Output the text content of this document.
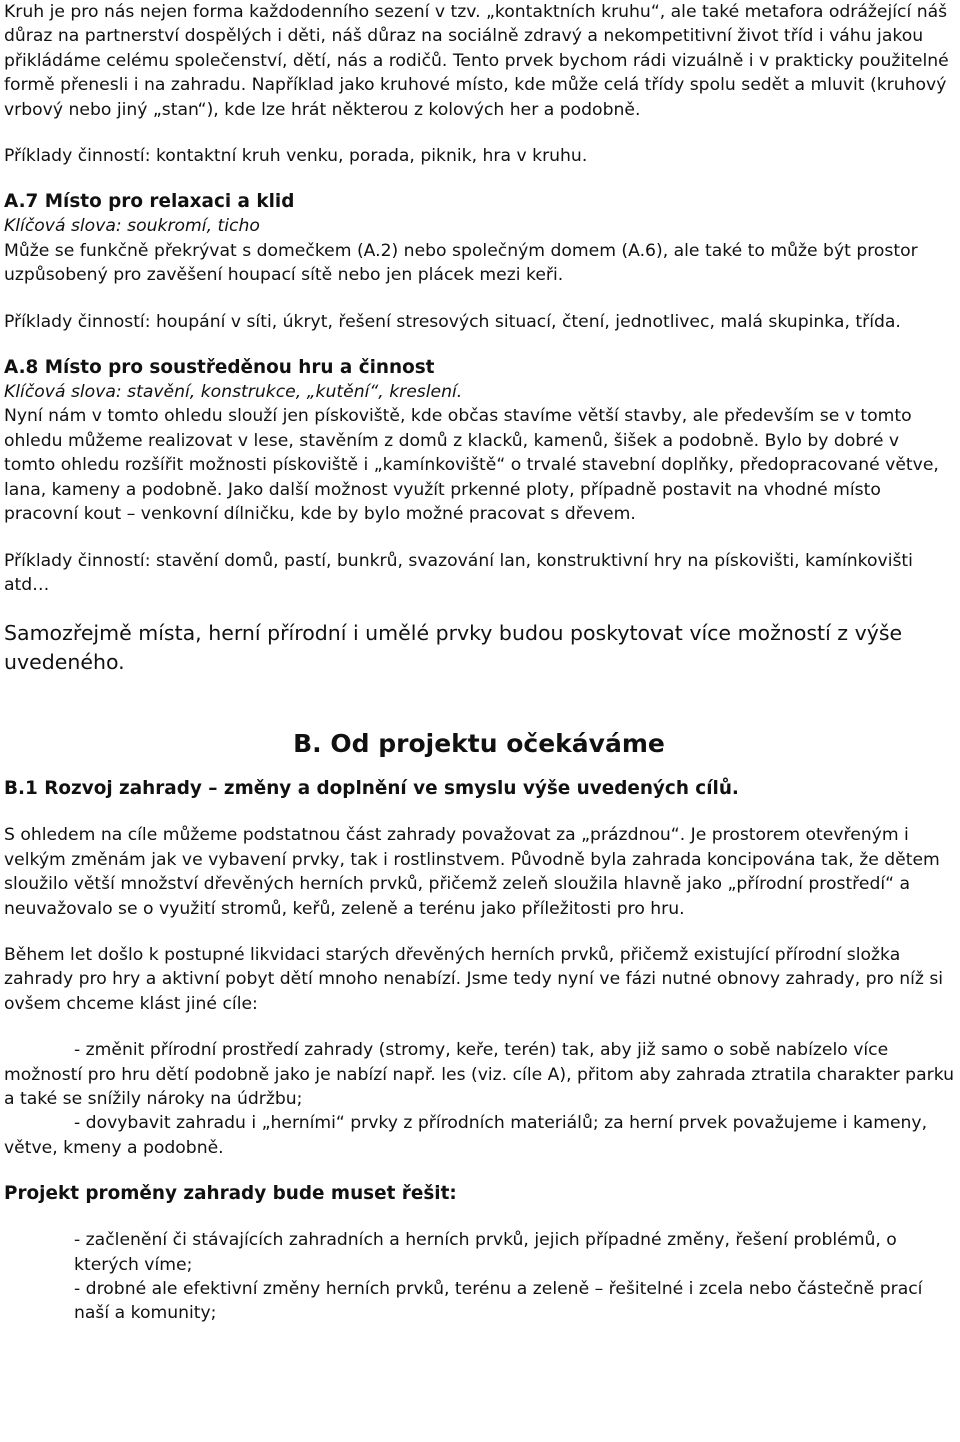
Kruh je pro nás nejen forma každodenního sezení v tzv. „kontaktních kruhu“, ale také metafora odrážející náš důraz na partnerství dospělých i děti, náš důraz na sociálně zdravý a nekompetitivní život tříd i váhu jakou přikládáme celému společenství, dětí, nás a rodičů. Tento prvek bychom rádi vizuálně i v prakticky použitelné formě přenesli i na zahradu. Například jako kruhové místo, kde může celá třídy spolu sedět a mluvit (kruhový vrbový nebo jiný „stan“), kde lze hrát některou z kolových her a podobně.

Příklady činností: kontaktní kruh venku, porada, piknik, hra v kruhu.

A.7 Místo pro relaxaci a klid

Klíčová slova: soukromí, ticho

Může se funkčně překrývat s domečkem (A.2) nebo společným domem (A.6), ale také to může být prostor uzpůsobený pro zavěšení houpací sítě nebo jen plácek mezi keři.

Příklady činností: houpání v síti, úkryt, řešení stresových situací, čtení, jednotlivec, malá skupinka, třída.

A.8 Místo pro soustředěnou hru a činnost

Klíčová slova: stavění, konstrukce, „kutění“, kreslení.

Nyní nám v tomto ohledu slouží jen pískoviště, kde občas stavíme větší stavby, ale především se v tomto ohledu můžeme realizovat v lese, stavěním z domů z klacků, kamenů, šišek a podobně. Bylo by dobré v tomto ohledu rozšířit možnosti pískoviště i „kamínkoviště“ o trvalé stavební doplňky, předopracované větve, lana, kameny a podobně. Jako další možnost využít prkenné ploty, případně postavit na vhodné místo pracovní kout – venkovní dílničku, kde by bylo možné pracovat s dřevem.

Příklady činností: stavění domů, pastí, bunkrů, svazování lan, konstruktivní hry na pískovišti, kamínkovišti atd…

Samozřejmě místa, herní přírodní i umělé prvky budou poskytovat více možností z výše uvedeného.

B. Od projektu očekáváme

B.1 Rozvoj zahrady – změny a doplnění ve smyslu výše uvedených cílů.

S ohledem na cíle můžeme podstatnou část zahrady považovat za „prázdnou“. Je prostorem otevřeným i velkým změnám jak ve vybavení prvky, tak i rostlinstvem. Původně byla zahrada koncipována tak, že dětem sloužilo větší množství dřevěných herních prvků, přičemž zeleň sloužila hlavně jako „přírodní prostředí“ a neuvažovalo se o využití stromů, keřů, zeleně a terénu jako příležitosti pro hru.

Během let došlo k postupné likvidaci starých dřevěných herních prvků, přičemž existující přírodní složka zahrady pro hry a aktivní pobyt dětí mnoho nenabízí. Jsme tedy nyní ve fázi nutné obnovy zahrady, pro níž si ovšem chceme klást jiné cíle:

- změnit přírodní prostředí zahrady (stromy, keře, terén) tak, aby již samo o sobě nabízelo více možností pro hru dětí podobně jako je nabízí např. les (viz. cíle A), přitom aby zahrada ztratila charakter parku a také se snížily nároky na údržbu;

- dovybavit zahradu i „herními“ prvky z přírodních materiálů; za herní prvek považujeme i kameny, větve, kmeny a podobně.

Projekt proměny zahrady bude muset řešit:

- začlenění či stávajících zahradních a herních prvků, jejich případné změny, řešení problémů, o kterých víme;

- drobné ale efektivní změny herních prvků, terénu a zeleně – řešitelné i zcela nebo částečně prací naší a komunity;
